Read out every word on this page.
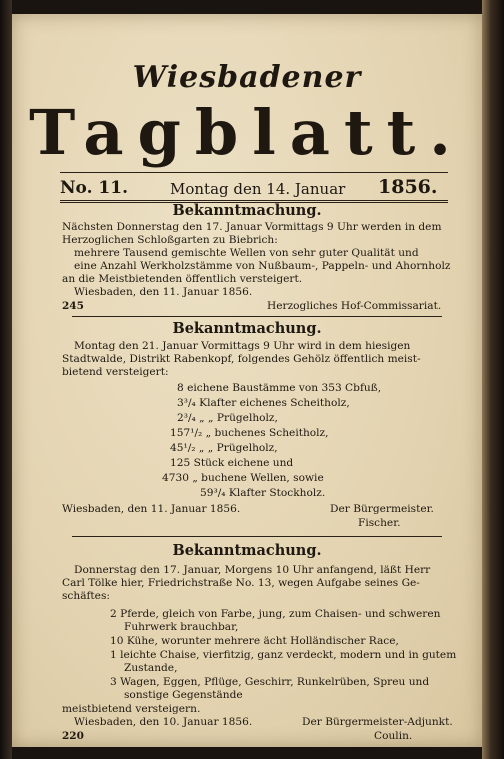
Wiesbadener
Tagblatt.
No. 11.	Montag den 14. Januar 1856.
Bekanntmachung.
Nächsten Donnerstag den 17. Januar Vormittags 9 Uhr werden in dem
Herzoglichen Schloßgarten zu Biebrich:
mehrere Tausend gemischte Wellen von sehr guter Qualität und
eine Anzahl Werkholzstämme von Nußbaum-, Pappeln- und Ahornholz
an die Meistbietenden öffentlich versteigert.
Wiesbaden, den 11. Januar 1856.
245	Herzogliches Hof-Commissariat.
Bekanntmachung.
Montag den 21. Januar Vormittags 9 Uhr wird in dem hiesigen
Stadtwalde, Distrikt Rabenkopf, folgendes Gehölz öffentlich meist-
bietend versteigert:
8 eichene Baustämme von 353 Cbfuß,
3³/₄ Klafter eichenes Scheitholz,
2³/₄ „ „ Prügelholz,
157¹/₂ „ buchenes Scheitholz,
45¹/₂ „ „ Prügelholz,
125 Stück eichene und
4730 „ buchene Wellen, sowie
59³/₄ Klafter Stockholz.
Wiesbaden, den 11. Januar 1856.	Der Bürgermeister.
Fischer.
Bekanntmachung.
Donnerstag den 17. Januar, Morgens 10 Uhr anfangend, läßt Herr
Carl Tölke hier, Friedrichstraße No. 13, wegen Aufgabe seines Ge-
schäftes:
2 Pferde, gleich von Farbe, jung, zum Chaisen- und schweren
Fuhrwerk brauchbar,
10 Kühe, worunter mehrere ächt Holländischer Race,
1 leichte Chaise, vierfitzig, ganz verdeckt, modern und in gutem
Zustande,
3 Wagen, Eggen, Pflüge, Geschirr, Runkelrüben, Spreu und
sonstige Gegenstände
meistbietend versteigern.
Wiesbaden, den 10. Januar 1856.	Der Bürgermeister-Adjunkt.
Coulin.
220
